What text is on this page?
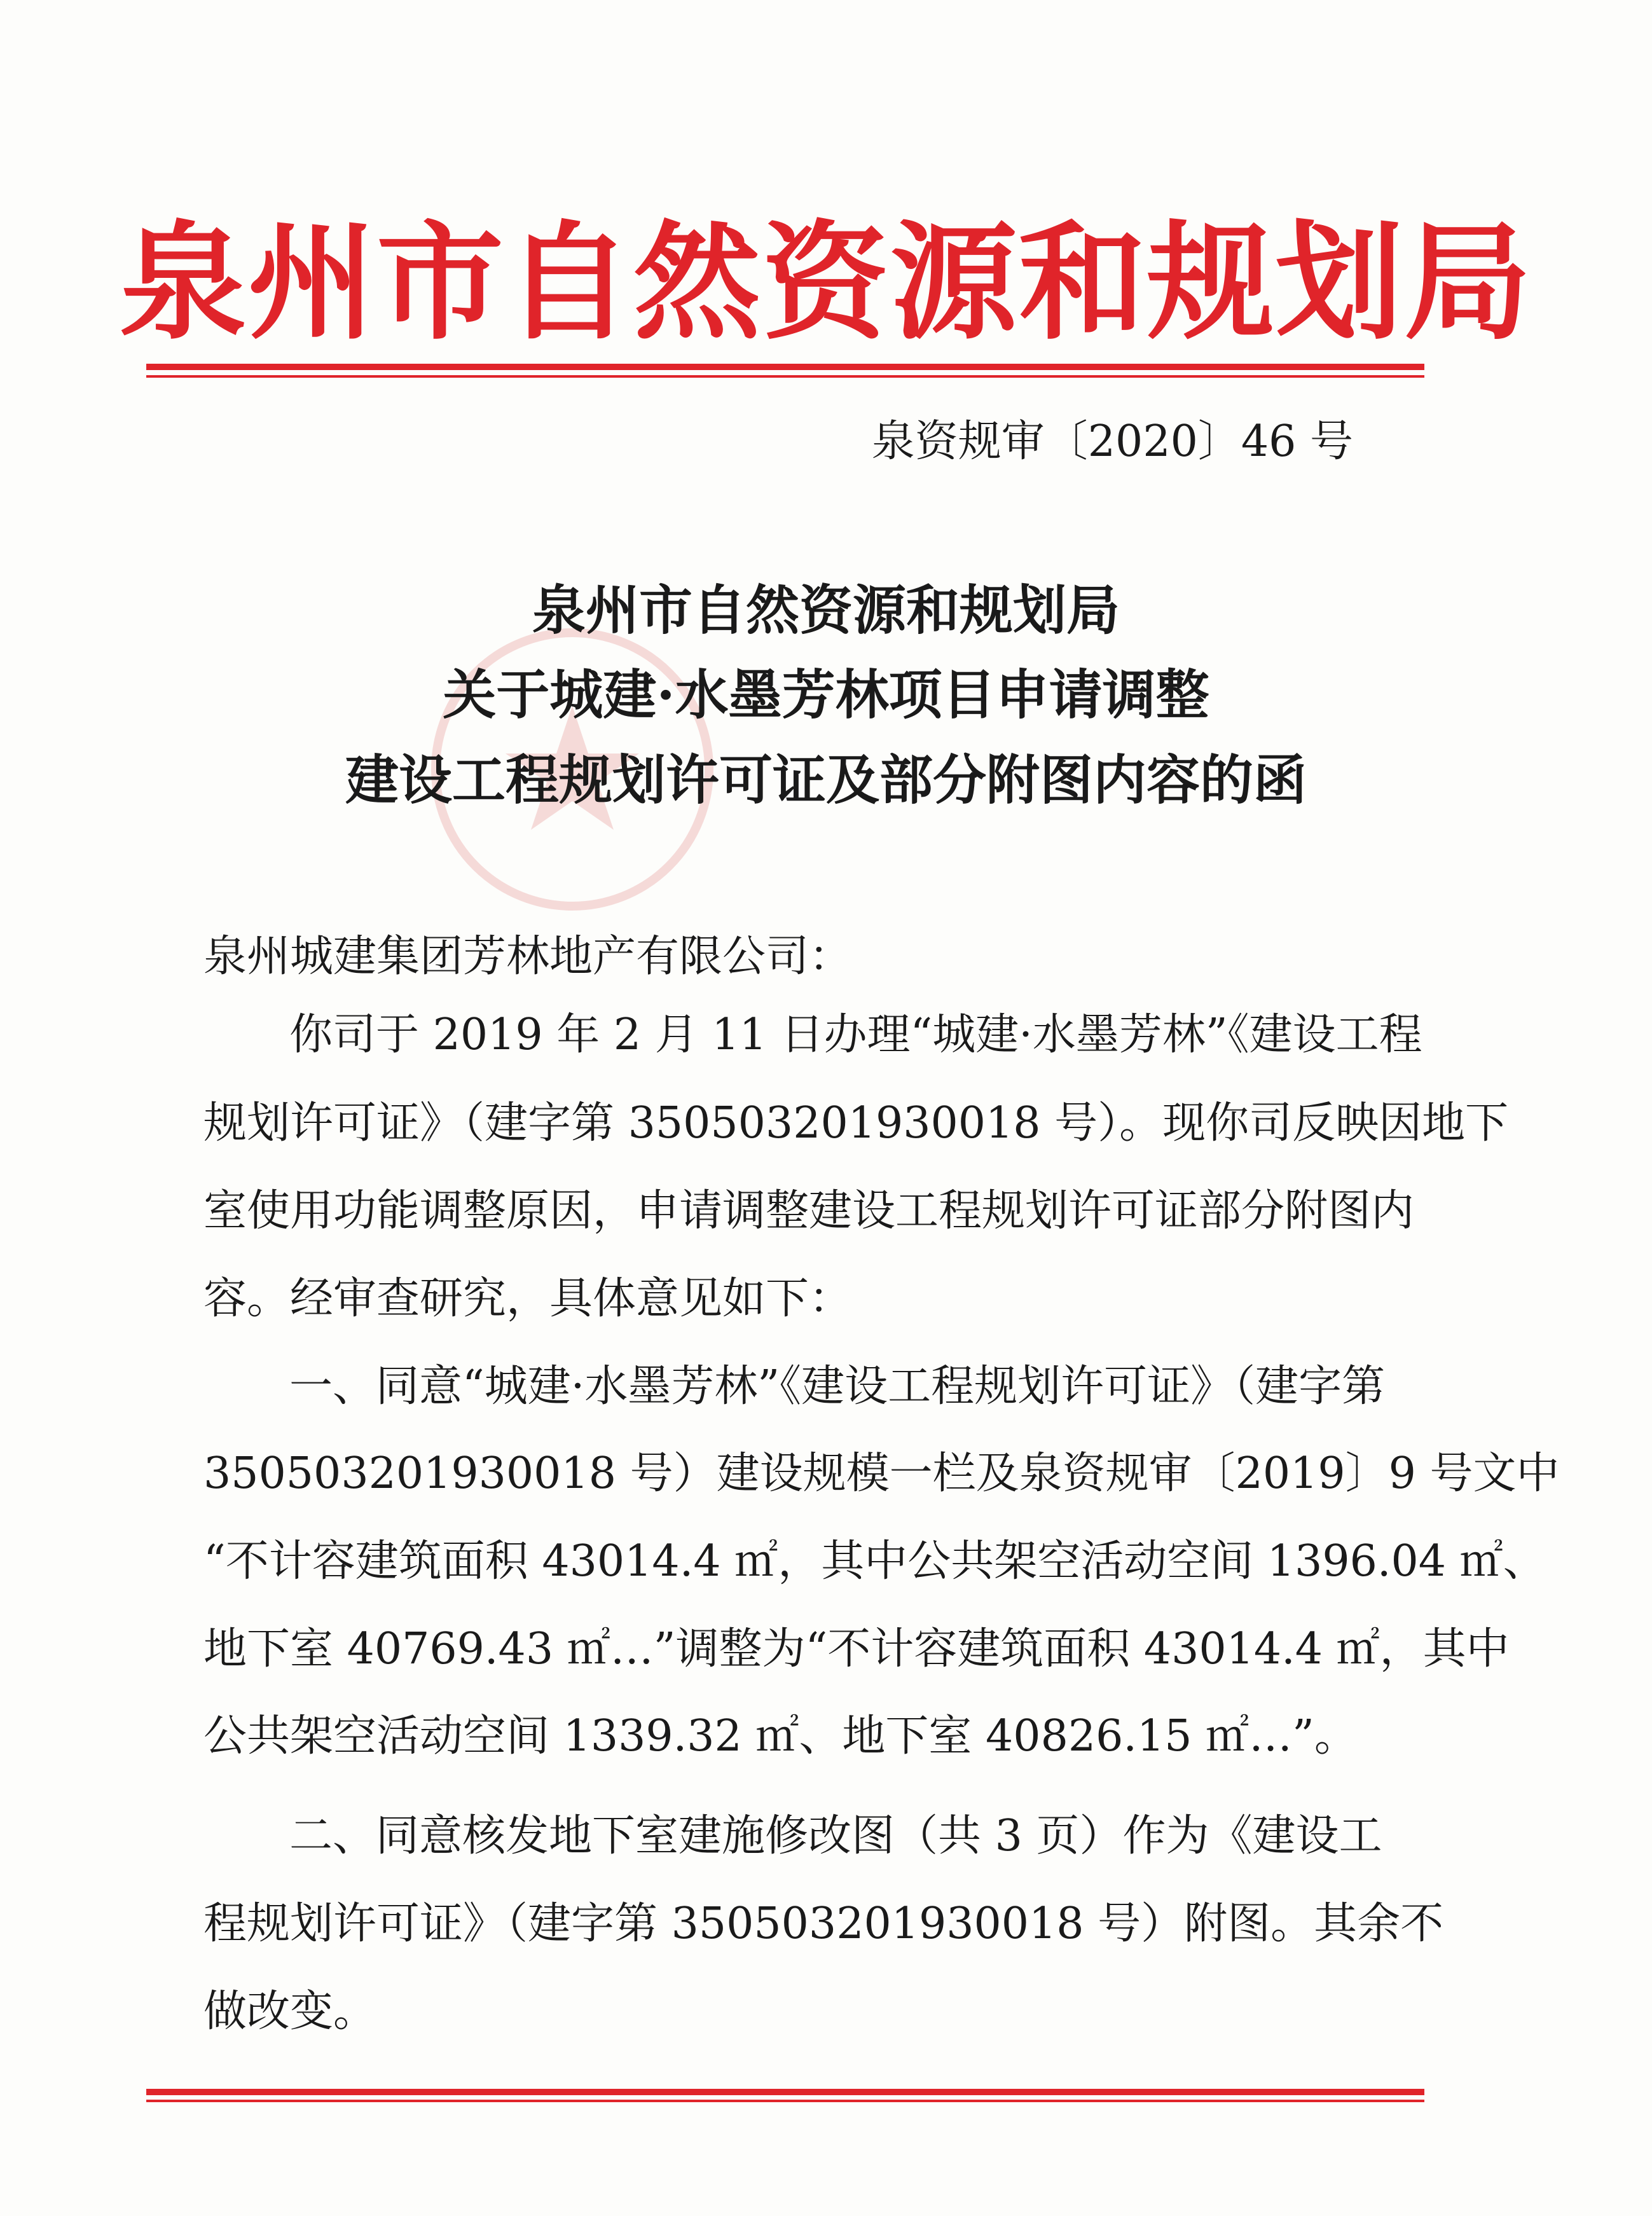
泉州市自然资源和规划局
泉资规审〔2020〕46 号
泉州市自然资源和规划局
关于城建·水墨芳林项目申请调整
建设工程规划许可证及部分附图内容的函
泉州城建集团芳林地产有限公司：
你司于 2019 年 2 月 11 日办理“城建·水墨芳林”《建设工程
规划许可证》（建字第 350503201930018 号）。现你司反映因地下
室使用功能调整原因，申请调整建设工程规划许可证部分附图内
容。经审查研究，具体意见如下：
一、同意“城建·水墨芳林”《建设工程规划许可证》（建字第
350503201930018 号）建设规模一栏及泉资规审〔2019〕9 号文中
“不计容建筑面积 43014.4 ㎡，其中公共架空活动空间 1396.04 ㎡、
地下室 40769.43 ㎡…”调整为“不计容建筑面积 43014.4 ㎡，其中
公共架空活动空间 1339.32 ㎡、地下室 40826.15 ㎡…”。
二、同意核发地下室建施修改图（共 3 页）作为《建设工
程规划许可证》（建字第 350503201930018 号）附图。其余不
做改变。
